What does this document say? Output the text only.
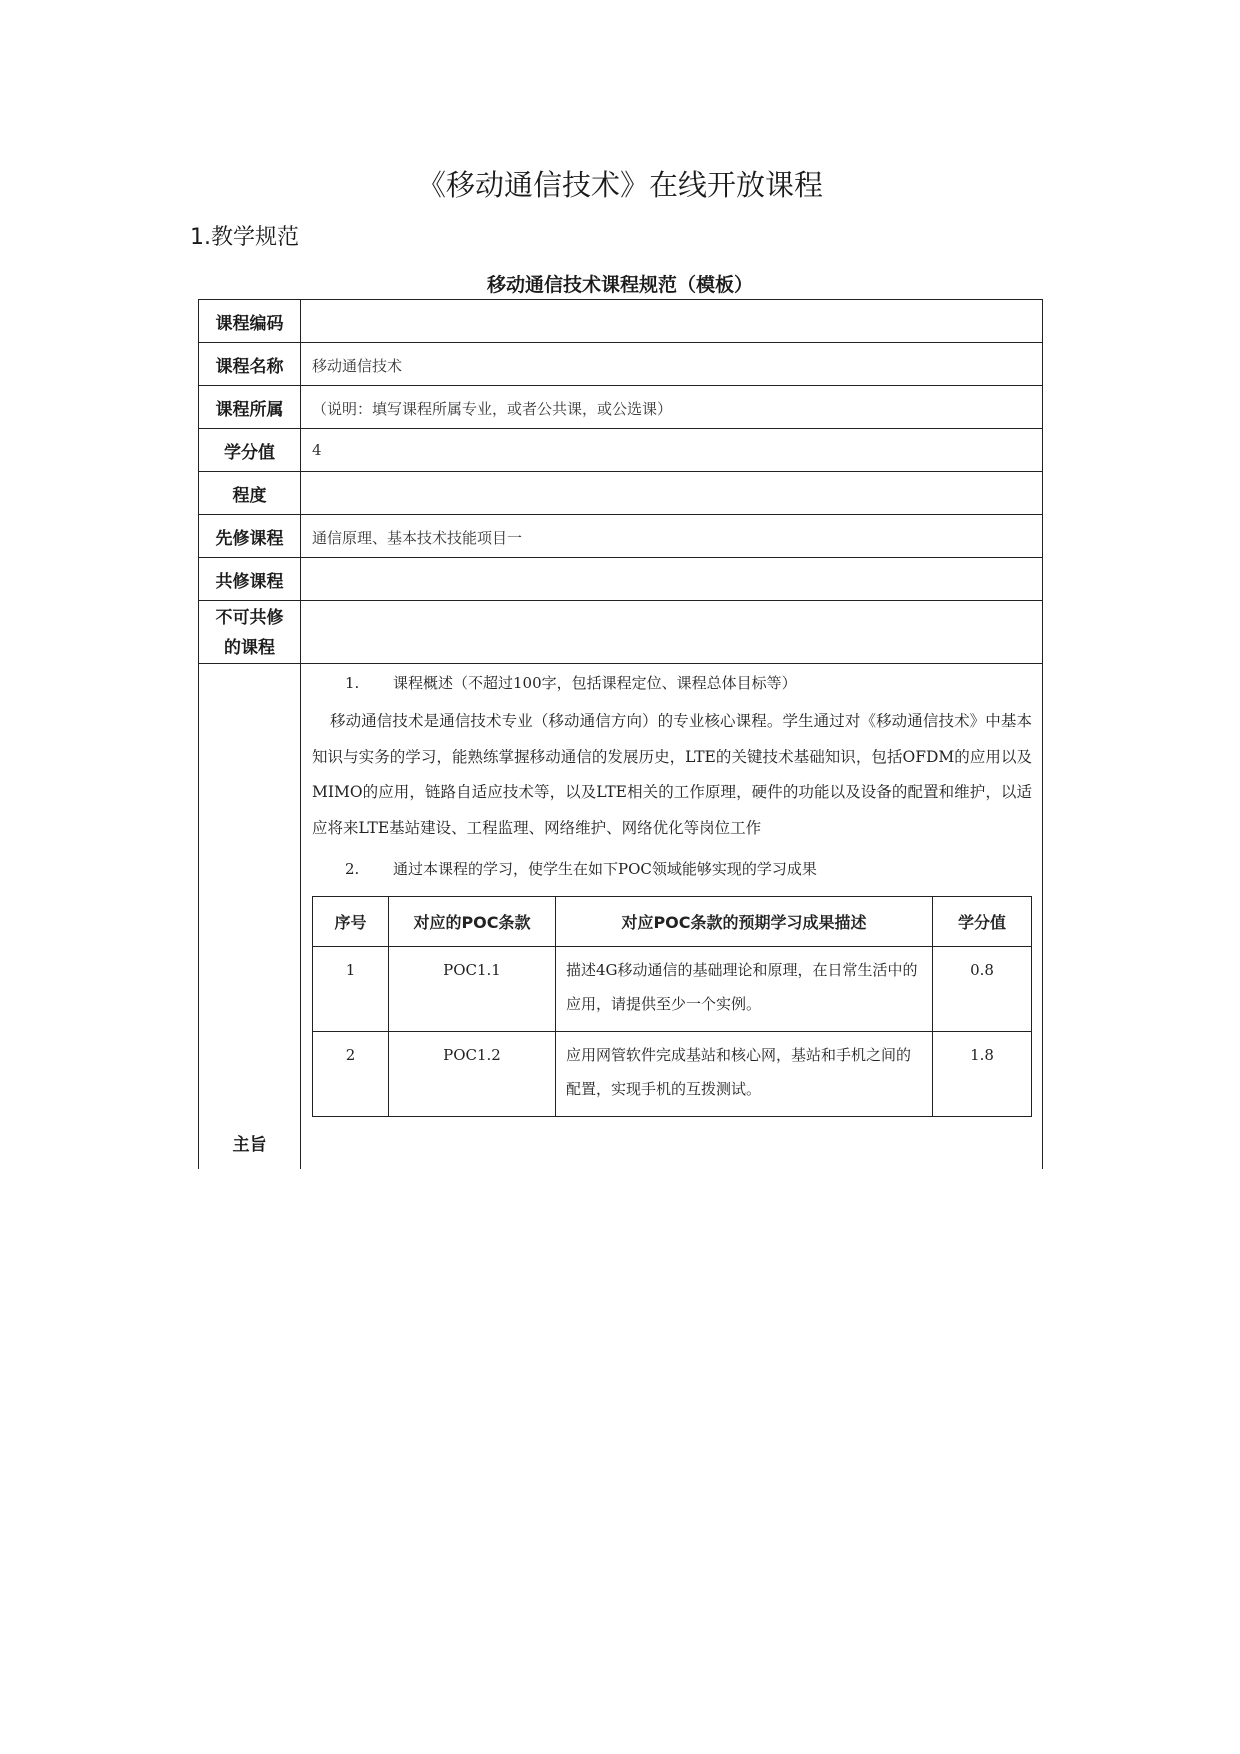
《移动通信技术》在线开放课程
1.教学规范
移动通信技术课程规范（模板）
课程编码	
课程名称	移动通信技术
课程所属	（说明：填写课程所属专业，或者公共课，或公选课）
学分值	4
程度	
先修课程	通信原理、基本技术技能项目一
共修课程	

不可共修
的课程

主旨	
1. 课程概述（不超过100字，包括课程定位、课程总体目标等）
移动通信技术是通信技术专业（移动通信方向）的专业核心课程。学生通过对《移动通信技术》中基本知识与实务的学习，能熟练掌握移动通信的发展历史，LTE的关键技术基础知识，包括OFDM的应用以及MIMO的应用，链路自适应技术等，以及LTE相关的工作原理，硬件的功能以及设备的配置和维护，以适应将来LTE基站建设、工程监理、网络维护、网络优化等岗位工作
2. 通过本课程的学习，使学生在如下POC领域能够实现的学习成果
序号	对应的POC条款	对应POC条款的预期学习成果描述	学分值
1	POC1.1	描述4G移动通信的基础理论和原理，在日常生活中的应用，请提供至少一个实例。	0.8
2	POC1.2	应用网管软件完成基站和核心网，基站和手机之间的配置，实现手机的互拨测试。	1.8
